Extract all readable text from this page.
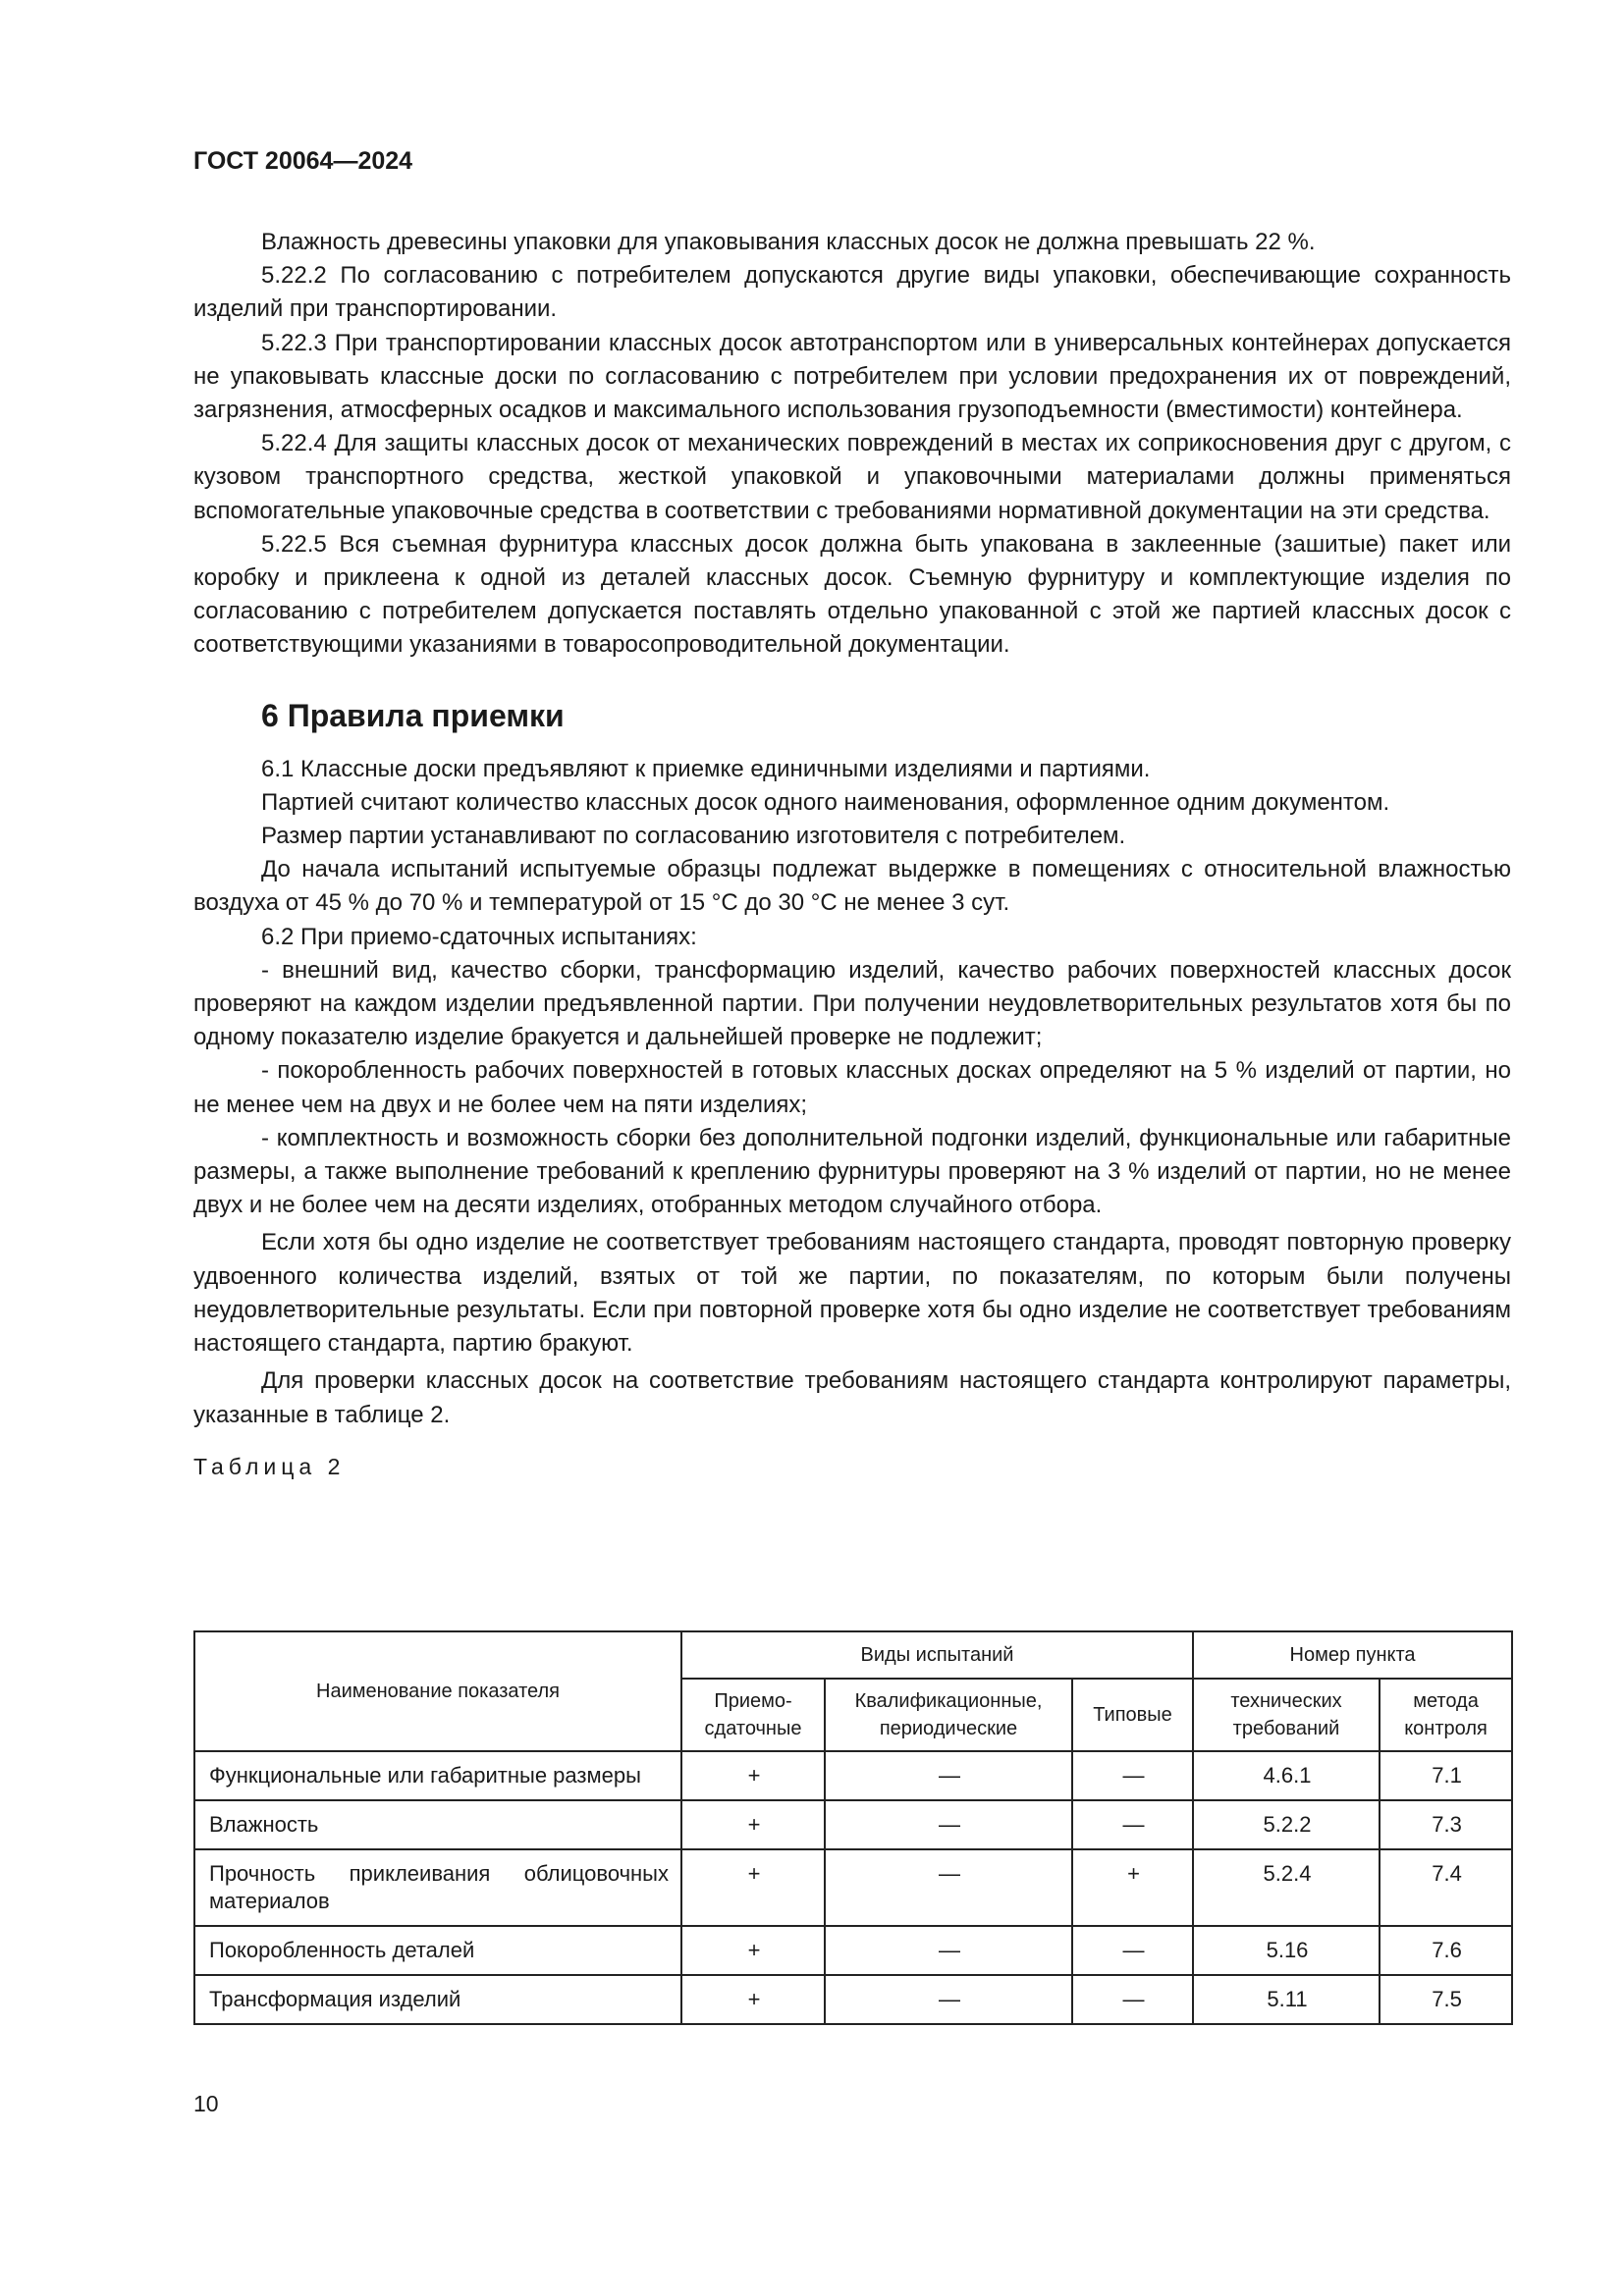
ГОСТ 20064—2024

Влажность древесины упаковки для упаковывания классных досок не должна превышать 22 %.

5.22.2 По согласованию с потребителем допускаются другие виды упаковки, обеспечивающие сохранность изделий при транспортировании.

5.22.3 При транспортировании классных досок автотранспортом или в универсальных контейнерах допускается не упаковывать классные доски по согласованию с потребителем при условии предохранения их от повреждений, загрязнения, атмосферных осадков и максимального использования грузоподъемности (вместимости) контейнера.

5.22.4 Для защиты классных досок от механических повреждений в местах их соприкосновения друг с другом, с кузовом транспортного средства, жесткой упаковкой и упаковочными материалами должны применяться вспомогательные упаковочные средства в соответствии с требованиями нормативной документации на эти средства.

5.22.5 Вся съемная фурнитура классных досок должна быть упакована в заклеенные (зашитые) пакет или коробку и приклеена к одной из деталей классных досок. Съемную фурнитуру и комплектующие изделия по согласованию с потребителем допускается поставлять отдельно упакованной с этой же партией классных досок с соответствующими указаниями в товаросопроводительной документации.

6 Правила приемки

6.1 Классные доски предъявляют к приемке единичными изделиями и партиями.

Партией считают количество классных досок одного наименования, оформленное одним документом.

Размер партии устанавливают по согласованию изготовителя с потребителем.

До начала испытаний испытуемые образцы подлежат выдержке в помещениях с относительной влажностью воздуха от 45 % до 70 % и температурой от 15 °С до 30 °С не менее 3 сут.

6.2 При приемо-сдаточных испытаниях:

- внешний вид, качество сборки, трансформацию изделий, качество рабочих поверхностей классных досок проверяют на каждом изделии предъявленной партии. При получении неудовлетворительных результатов хотя бы по одному показателю изделие бракуется и дальнейшей проверке не подлежит;

- покоробленность рабочих поверхностей в готовых классных досках определяют на 5 % изделий от партии, но не менее чем на двух и не более чем на пяти изделиях;

- комплектность и возможность сборки без дополнительной подгонки изделий, функциональные или габаритные размеры, а также выполнение требований к креплению фурнитуры проверяют на 3 % изделий от партии, но не менее двух и не более чем на десяти изделиях, отобранных методом случайного отбора.

Если хотя бы одно изделие не соответствует требованиям настоящего стандарта, проводят повторную проверку удвоенного количества изделий, взятых от той же партии, по показателям, по которым были получены неудовлетворительные результаты. Если при повторной проверке хотя бы одно изделие не соответствует требованиям настоящего стандарта, партию бракуют.

Для проверки классных досок на соответствие требованиям настоящего стандарта контролируют параметры, указанные в таблице 2.

Таблица 2
Наименование показателя	Виды испытаний			Номер пункта	
	Приемо-сдаточные	Квалификационные, периодические	Типовые	технических требований	метода контроля
Функциональные или габаритные размеры	+	—	—	4.6.1	7.1
Влажность	+	—	—	5.2.2	7.3
Прочность приклеивания облицовочных материалов	+	—	+	5.2.4	7.4
Покоробленность деталей	+	—	—	5.16	7.6
Трансформация изделий	+	—	—	5.11	7.5
10
